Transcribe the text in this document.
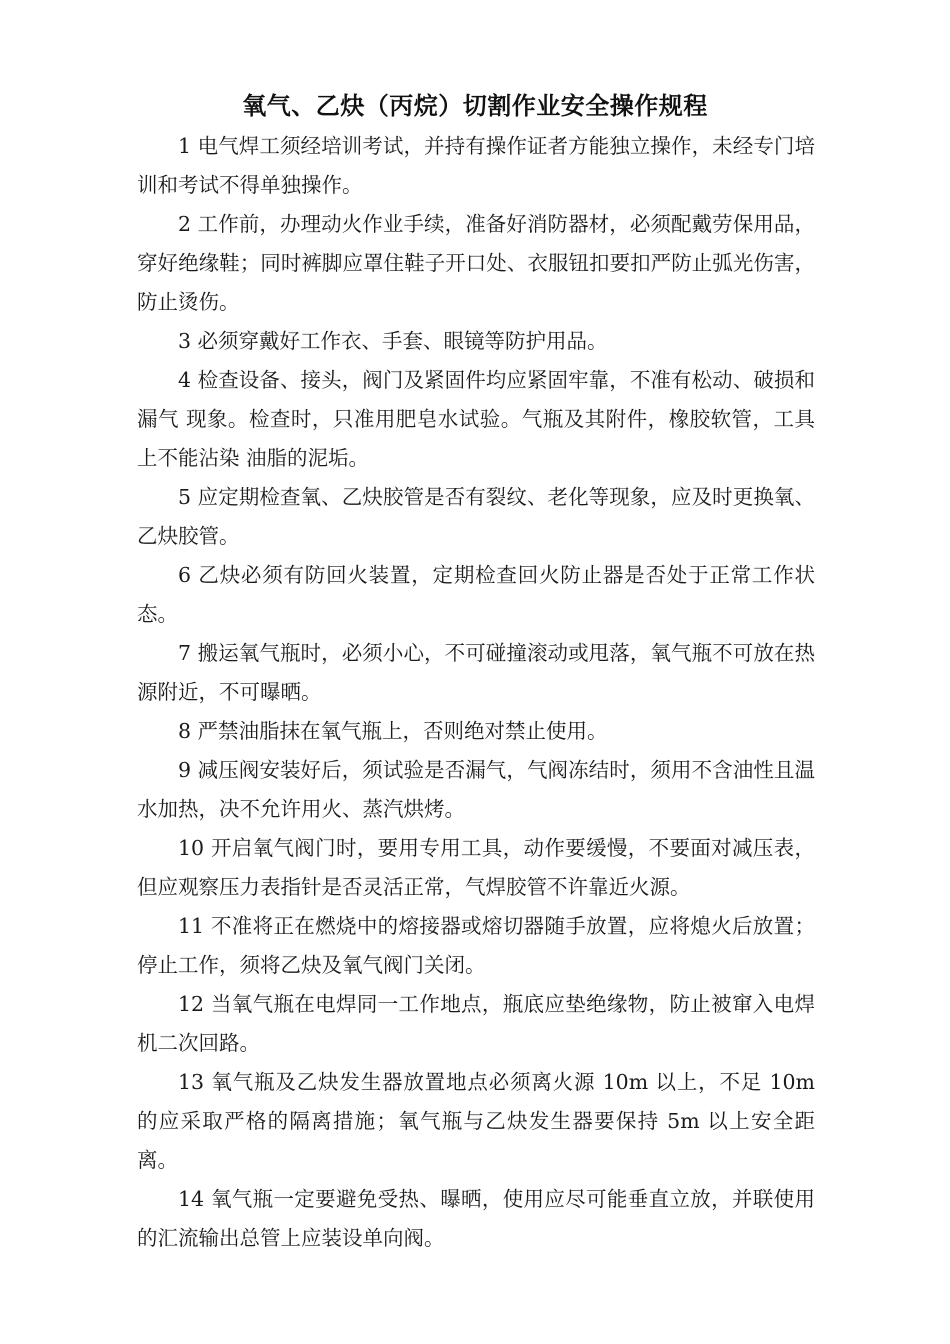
氧气、乙炔（丙烷）切割作业安全操作规程

1 电气焊工须经培训考试，并持有操作证者方能独立操作，未经专门培训和考试不得单独操作。

2 工作前，办理动火作业手续，准备好消防器材，必须配戴劳保用品，穿好绝缘鞋；同时裤脚应罩住鞋子开口处、衣服钮扣要扣严防止弧光伤害，防止烫伤。

3 必须穿戴好工作衣、手套、眼镜等防护用品。

4 检查设备、接头，阀门及紧固件均应紧固牢靠，不准有松动、破损和漏气 现象。检查时，只准用肥皂水试验。气瓶及其附件，橡胶软管，工具上不能沾染 油脂的泥垢。

5 应定期检查氧、乙炔胶管是否有裂纹、老化等现象，应及时更换氧、乙炔胶管。

6 乙炔必须有防回火装置，定期检查回火防止器是否处于正常工作状态。

7 搬运氧气瓶时，必须小心，不可碰撞滚动或甩落，氧气瓶不可放在热源附近，不可曝晒。

8 严禁油脂抹在氧气瓶上，否则绝对禁止使用。

9 减压阀安装好后，须试验是否漏气，气阀冻结时，须用不含油性且温水加热，决不允许用火、蒸汽烘烤。

10 开启氧气阀门时，要用专用工具，动作要缓慢，不要面对减压表，但应观察压力表指针是否灵活正常，气焊胶管不许靠近火源。

11 不准将正在燃烧中的熔接器或熔切器随手放置，应将熄火后放置；停止工作，须将乙炔及氧气阀门关闭。

12 当氧气瓶在电焊同一工作地点，瓶底应垫绝缘物，防止被窜入电焊机二次回路。

13 氧气瓶及乙炔发生器放置地点必须离火源 10m 以上，不足 10m 的应采取严格的隔离措施；氧气瓶与乙炔发生器要保持 5m 以上安全距离。

14 氧气瓶一定要避免受热、曝晒，使用应尽可能垂直立放，并联使用的汇流输出总管上应装设单向阀。
